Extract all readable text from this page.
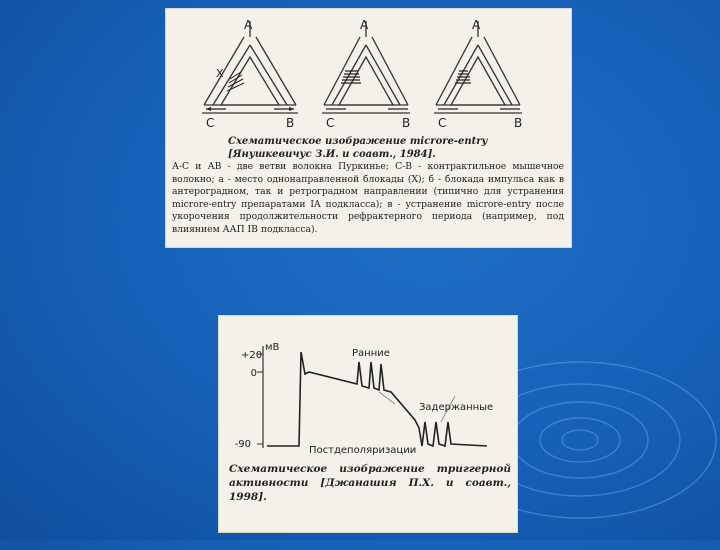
A
X
C	B
A
C	B
A
C	B
Схематическое изображение microre-entry [Янушкевичус З.И. и соавт., 1984].
А-С и АВ - две ветви волокна Пуркинье; С-В - контрактильное мышечное волокно; а - место однонаправленной блокады (X); б - блокада импульса как в антероградном, так и ретроградном направлении (типично для устранения microre-entry препаратами IA подкласса); в - устранение microre-entry после укорочения продолжительности рефрактерного периода (например, под влиянием ААП IB подкласса).
+20
0
-90
мВ
Ранние
Задержанные
Постдеполяризации
Схематическое изображение триггерной активности [Джанашия П.Х. и соавт., 1998].
